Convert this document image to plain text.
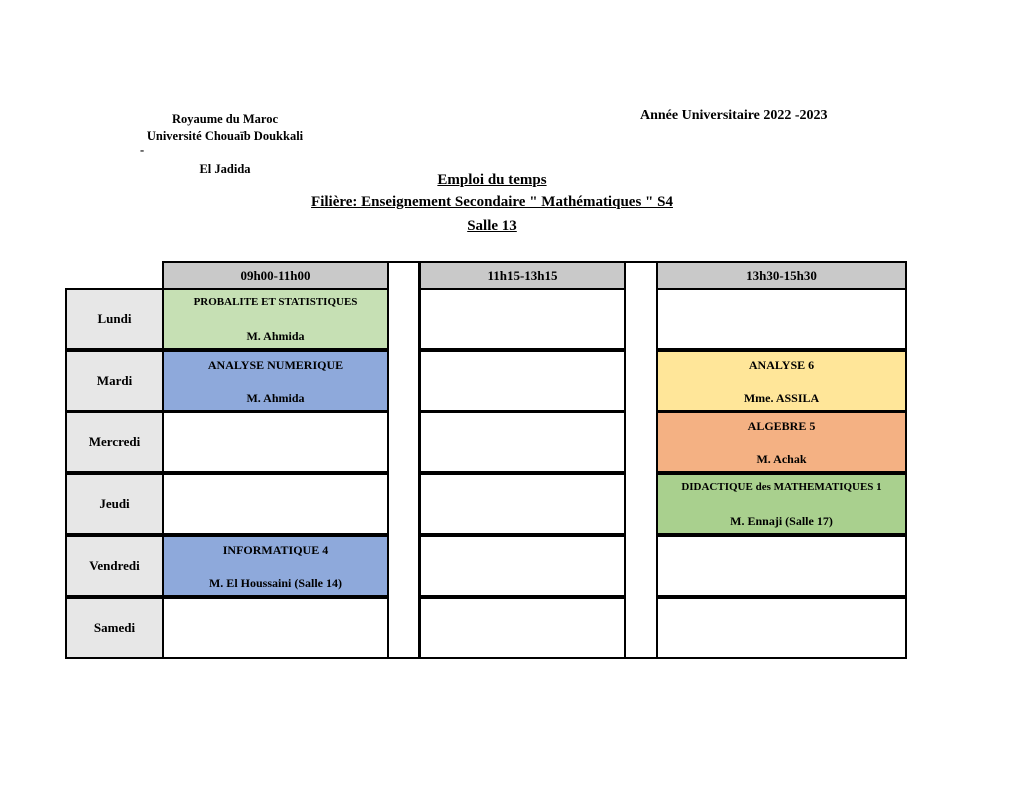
Royaume du Maroc
Université Chouaïb Doukkali
-
El Jadida
Année Universitaire 2022 -2023
Emploi du temps
Filière: Enseignement Secondaire " Mathématiques " S4
Salle 13
09h00-11h00	11h15-13h15	13h30-15h30
Lundi
PROBALITE ET STATISTIQUES
M. Ahmida
Mardi
ANALYSE NUMERIQUE
M. Ahmida
ANALYSE 6
Mme. ASSILA
Mercredi
ALGEBRE 5
M. Achak
Jeudi
DIDACTIQUE des MATHEMATIQUES 1
M. Ennaji (Salle 17)
Vendredi
INFORMATIQUE 4
M. El Houssaini (Salle 14)
Samedi
